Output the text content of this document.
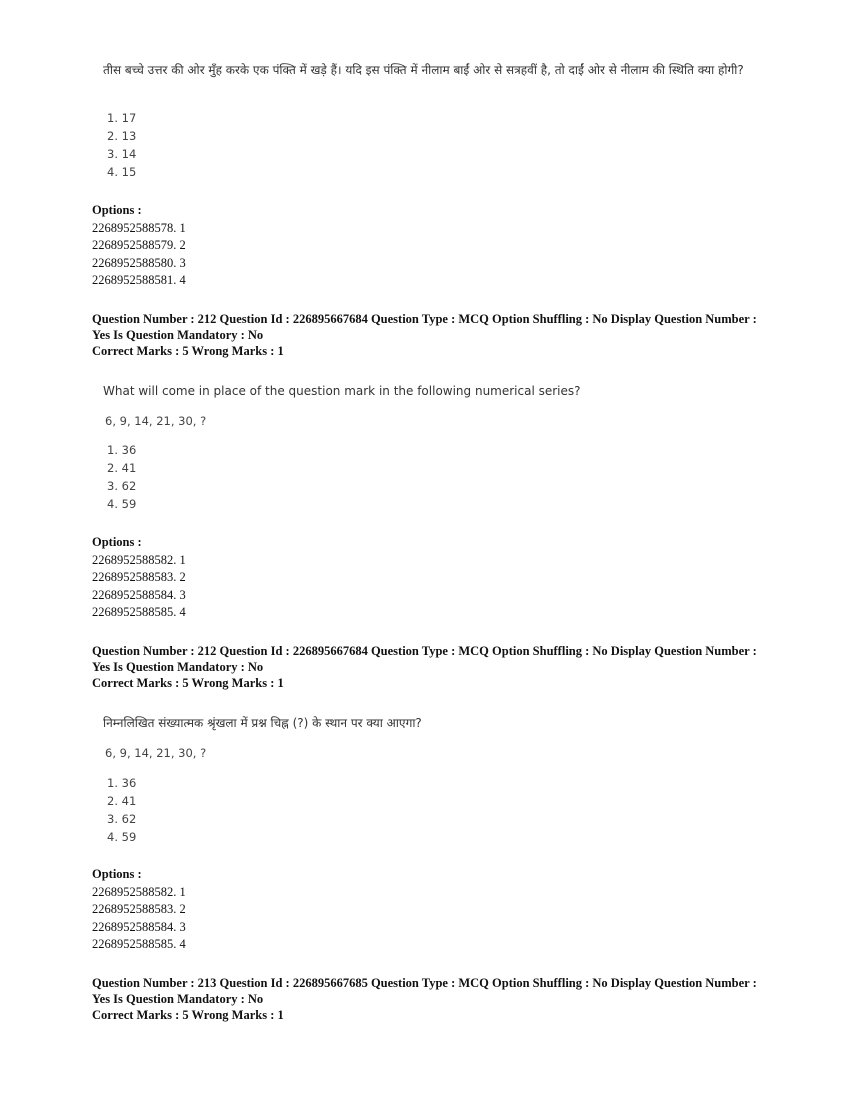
तीस बच्चे उत्तर की ओर मुँह करके एक पंक्ति में खड़े हैं। यदि इस पंक्ति में नीलाम बाईं ओर से सत्रहवीं है, तो दाईं ओर से नीलाम की स्थिति क्या होगी?
1. 17
2. 13
3. 14
4. 15
Options :
2268952588578. 1
2268952588579. 2
2268952588580. 3
2268952588581. 4
Question Number : 212 Question Id : 226895667684 Question Type : MCQ Option Shuffling : No Display Question Number : Yes Is Question Mandatory : No
Correct Marks : 5 Wrong Marks : 1
What will come in place of the question mark in the following numerical series?
6, 9, 14, 21, 30, ?
1. 36
2. 41
3. 62
4. 59
Options :
2268952588582. 1
2268952588583. 2
2268952588584. 3
2268952588585. 4
Question Number : 212 Question Id : 226895667684 Question Type : MCQ Option Shuffling : No Display Question Number : Yes Is Question Mandatory : No
Correct Marks : 5 Wrong Marks : 1
निम्नलिखित संख्यात्मक श्रृंखला में प्रश्न चिह्न (?) के स्थान पर क्या आएगा?
6, 9, 14, 21, 30, ?
1. 36
2. 41
3. 62
4. 59
Options :
2268952588582. 1
2268952588583. 2
2268952588584. 3
2268952588585. 4
Question Number : 213 Question Id : 226895667685 Question Type : MCQ Option Shuffling : No Display Question Number : Yes Is Question Mandatory : No
Correct Marks : 5 Wrong Marks : 1
